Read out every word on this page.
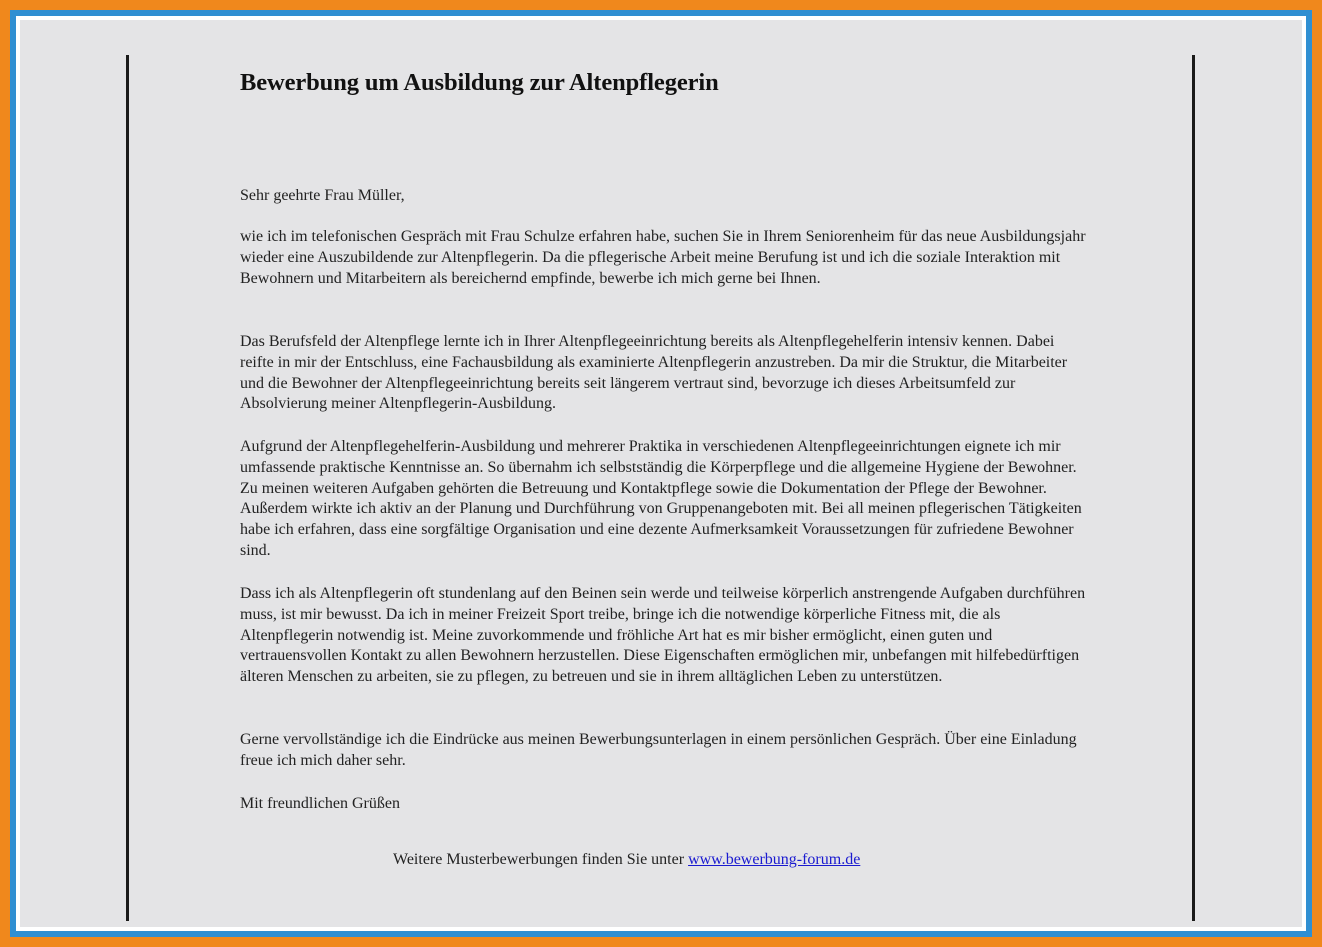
Bewerbung um Ausbildung zur Altenpflegerin

Sehr geehrte Frau Müller,

wie ich im telefonischen Gespräch mit Frau Schulze erfahren habe, suchen Sie in Ihrem Seniorenheim für das neue Ausbildungsjahr wieder eine Auszubildende zur Altenpflegerin. Da die pflegerische Arbeit meine Berufung ist und ich die soziale Interaktion mit Bewohnern und Mitarbeitern als bereichernd empfinde, bewerbe ich mich gerne bei Ihnen.

Das Berufsfeld der Altenpflege lernte ich in Ihrer Altenpflegeeinrichtung bereits als Altenpflegehelferin intensiv kennen. Dabei reifte in mir der Entschluss, eine Fachausbildung als examinierte Altenpflegerin anzustreben. Da mir die Struktur, die Mitarbeiter und die Bewohner der Altenpflegeeinrichtung bereits seit längerem vertraut sind, bevorzuge ich dieses Arbeitsumfeld zur Absolvierung meiner Altenpflegerin-Ausbildung.

Aufgrund der Altenpflegehelferin-Ausbildung und mehrerer Praktika in verschiedenen Altenpflegeeinrichtungen eignete ich mir umfassende praktische Kenntnisse an. So übernahm ich selbstständig die Körperpflege und die allgemeine Hygiene der Bewohner. Zu meinen weiteren Aufgaben gehörten die Betreuung und Kontaktpflege sowie die Dokumentation der Pflege der Bewohner. Außerdem wirkte ich aktiv an der Planung und Durchführung von Gruppenangeboten mit. Bei all meinen pflegerischen Tätigkeiten habe ich erfahren, dass eine sorgfältige Organisation und eine dezente Aufmerksamkeit Voraussetzungen für zufriedene Bewohner sind.

Dass ich als Altenpflegerin oft stundenlang auf den Beinen sein werde und teilweise körperlich anstrengende Aufgaben durchführen muss, ist mir bewusst. Da ich in meiner Freizeit Sport treibe, bringe ich die notwendige körperliche Fitness mit, die als Altenpflegerin notwendig ist. Meine zuvorkommende und fröhliche Art hat es mir bisher ermöglicht, einen guten und vertrauensvollen Kontakt zu allen Bewohnern herzustellen. Diese Eigenschaften ermöglichen mir, unbefangen mit hilfebedürftigen älteren Menschen zu arbeiten, sie zu pflegen, zu betreuen und sie in ihrem alltäglichen Leben zu unterstützen.

Gerne vervollständige ich die Eindrücke aus meinen Bewerbungsunterlagen in einem persönlichen Gespräch. Über eine Einladung freue ich mich daher sehr.

Mit freundlichen Grüßen

Weitere Musterbewerbungen finden Sie unter www.bewerbung-forum.de
